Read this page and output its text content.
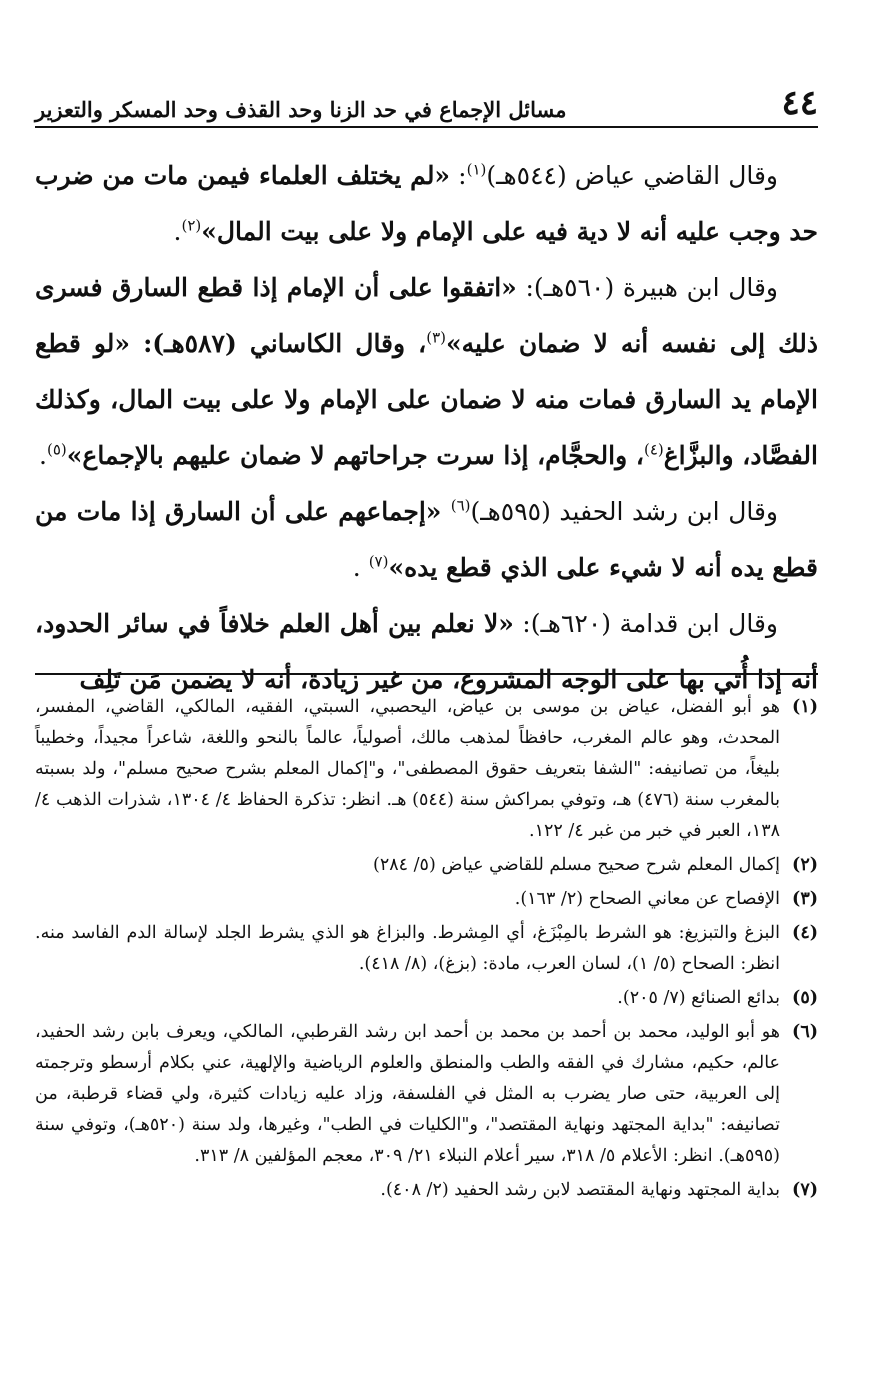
٤٤
مسائل الإجماع في حد الزنا وحد القذف وحد المسكر والتعزير

وقال القاضي عياض (٥٤٤هـ)$^{(١)}$: «لم يختلف العلماء فيمن مات من ضرب حد وجب عليه أنه لا دية فيه على الإمام ولا على بيت المال»$^{(٢)}$.

وقال ابن هبيرة (٥٦٠هـ): «اتفقوا على أن الإمام إذا قطع السارق فسرى ذلك إلى نفسه أنه لا ضمان عليه»$^{(٣)}$، وقال الكاساني (٥٨٧هـ): «لو قطع الإمام يد السارق فمات منه لا ضمان على الإمام ولا على بيت المال، وكذلك الفصَّاد، والبزَّاغ$^{(٤)}$، والحجَّام، إذا سرت جراحاتهم لا ضمان عليهم بالإجماع»$^{(٥)}$.

وقال ابن رشد الحفيد (٥٩٥هـ)$^{(٦)}$ «إجماعهم على أن السارق إذا مات من قطع يده أنه لا شيء على الذي قطع يده»$^{(٧)}$ .

وقال ابن قدامة (٦٢٠هـ): «لا نعلم بين أهل العلم خلافاً في سائر الحدود، أنه إذا أُتي بها على الوجه المشروع، من غير زيادة، أنه لا يضمن مَن تَلِف

(١)
هو أبو الفضل، عياض بن موسى بن عياض، اليحصبي، السبتي، الفقيه، المالكي، القاضي، المفسر، المحدث، وهو عالم المغرب، حافظاً لمذهب مالك، أصولياً، عالماً بالنحو واللغة، شاعراً مجيداً، وخطيباً بليغاً، من تصانيفه: "الشفا بتعريف حقوق المصطفى"، و"إكمال المعلم بشرح صحيح مسلم"، ولد بسبته بالمغرب سنة (٤٧٦) هـ، وتوفي بمراكش سنة (٥٤٤) هـ. انظر: تذكرة الحفاظ ٤/ ١٣٠٤، شذرات الذهب ٤/ ١٣٨، العبر في خبر من غبر ٤/ ١٢٢.
(٢)
إكمال المعلم شرح صحيح مسلم للقاضي عياض (٥/ ٢٨٤)
(٣)
الإفصاح عن معاني الصحاح (٢/ ١٦٣).
(٤)
البزغ والتبزيغ: هو الشرط بالمِبْزَغ، أي المِشرط. والبزاغ هو الذي يشرط الجلد لإسالة الدم الفاسد منه. انظر: الصحاح (٥/ ١)، لسان العرب، مادة: (بزغ)، (٨/ ٤١٨).
(٥)
بدائع الصنائع (٧/ ٢٠٥).
(٦)
هو أبو الوليد، محمد بن أحمد بن محمد بن أحمد ابن رشد القرطبي، المالكي، ويعرف بابن رشد الحفيد، عالم، حكيم، مشارك في الفقه والطب والمنطق والعلوم الرياضية والإلهية، عني بكلام أرسطو وترجمته إلى العربية، حتى صار يضرب به المثل في الفلسفة، وزاد عليه زيادات كثيرة، ولي قضاء قرطبة، من تصانيفه: "بداية المجتهد ونهاية المقتصد"، و"الكليات في الطب"، وغيرها، ولد سنة (٥٢٠هـ)، وتوفي سنة (٥٩٥هـ). انظر: الأعلام ٥/ ٣١٨، سير أعلام النبلاء ٢١/ ٣٠٩، معجم المؤلفين ٨/ ٣١٣.
(٧)
بداية المجتهد ونهاية المقتصد لابن رشد الحفيد (٢/ ٤٠٨).
